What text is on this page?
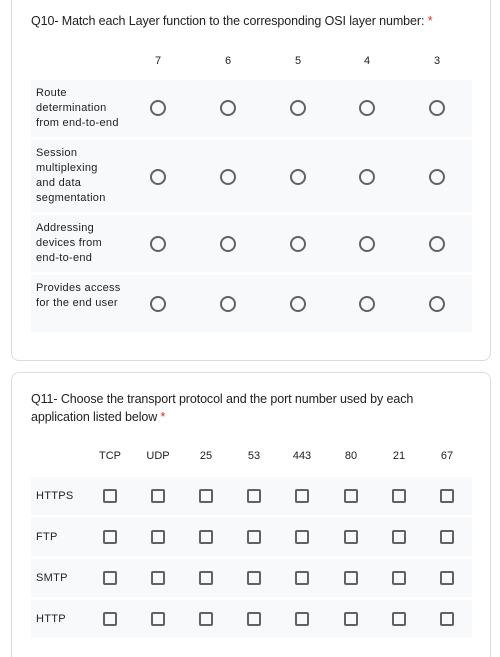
Q10- Match each Layer function to the corresponding OSI layer number: *
7	6	5	4	3
Route determination from end-to-end
Session multiplexing and data segmentation
Addressing devices from end-to-end
Provides access for the end user
Q11- Choose the transport protocol and the port number used by each application listed below *
TCP UDP	25	53	443	80	21	67
HTTPS
FTP
SMTP
HTTP
